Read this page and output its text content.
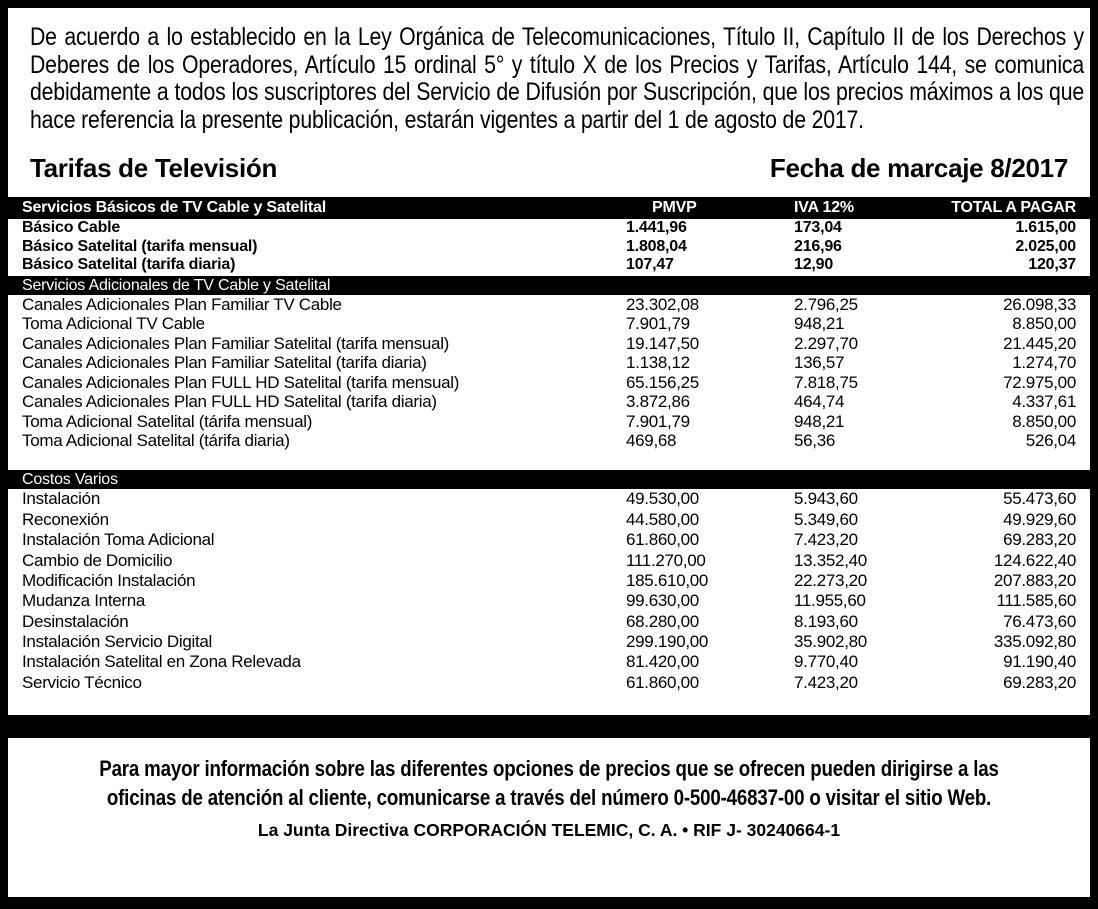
De acuerdo a lo establecido en la Ley Orgánica de Telecomunicaciones, Título II, Capítulo II de los Derechos y Deberes de los Operadores, Artículo 15 ordinal 5° y título X de los Precios y Tarifas, Artículo 144, se comunica debidamente a todos los suscriptores del Servicio de Difusión por Suscripción, que los precios máximos a los que hace referencia la presente publicación, estarán vigentes a partir del 1 de agosto de 2017.

Tarifas de Televisión	Fecha de marcaje 8/2017
Servicios Básicos de TV Cable y Satelital	PMVP	IVA 12%	TOTAL A PAGAR
Básico Cable	1.441,96	173,04	1.615,00
Básico Satelital (tarifa mensual)	1.808,04	216,96	2.025,00
Básico Satelital (tarifa diaria)	107,47	12,90	120,37
Servicios Adicionales de TV Cable y Satelital
Canales Adicionales Plan Familiar TV Cable	23.302,08	2.796,25	26.098,33
Toma Adicional TV Cable	7.901,79	948,21	8.850,00
Canales Adicionales Plan Familiar Satelital (tarifa mensual)	19.147,50	2.297,70	21.445,20
Canales Adicionales Plan Familiar Satelital (tarifa diaria)	1.138,12	136,57	1.274,70
Canales Adicionales Plan FULL HD Satelital (tarifa mensual)	65.156,25	7.818,75	72.975,00
Canales Adicionales Plan FULL HD Satelital (tarifa diaria)	3.872,86	464,74	4.337,61
Toma Adicional Satelital (tárifa mensual)	7.901,79	948,21	8.850,00
Toma Adicional Satelital (tárifa diaria)	469,68	56,36	526,04
Costos Varios
Instalación	49.530,00	5.943,60	55.473,60
Reconexión	44.580,00	5.349,60	49.929,60
Instalación Toma Adicional	61.860,00	7.423,20	69.283,20
Cambio de Domicilio	111.270,00	13.352,40	124.622,40
Modificación Instalación	185.610,00	22.273,20	207.883,20
Mudanza Interna	99.630,00	11.955,60	111.585,60
Desinstalación	68.280,00	8.193,60	76.473,60
Instalación Servicio Digital	299.190,00	35.902,80	335.092,80
Instalación Satelital en Zona Relevada	81.420,00	9.770,40	91.190,40
Servicio Técnico	61.860,00	7.423,20	69.283,20
Para mayor información sobre las diferentes opciones de precios que se ofrecen pueden dirigirse a las
oficinas de atención al cliente, comunicarse a través del número 0-500-46837-00 o visitar el sitio Web.
La Junta Directiva CORPORACIÓN TELEMIC, C. A. • RIF J- 30240664-1
